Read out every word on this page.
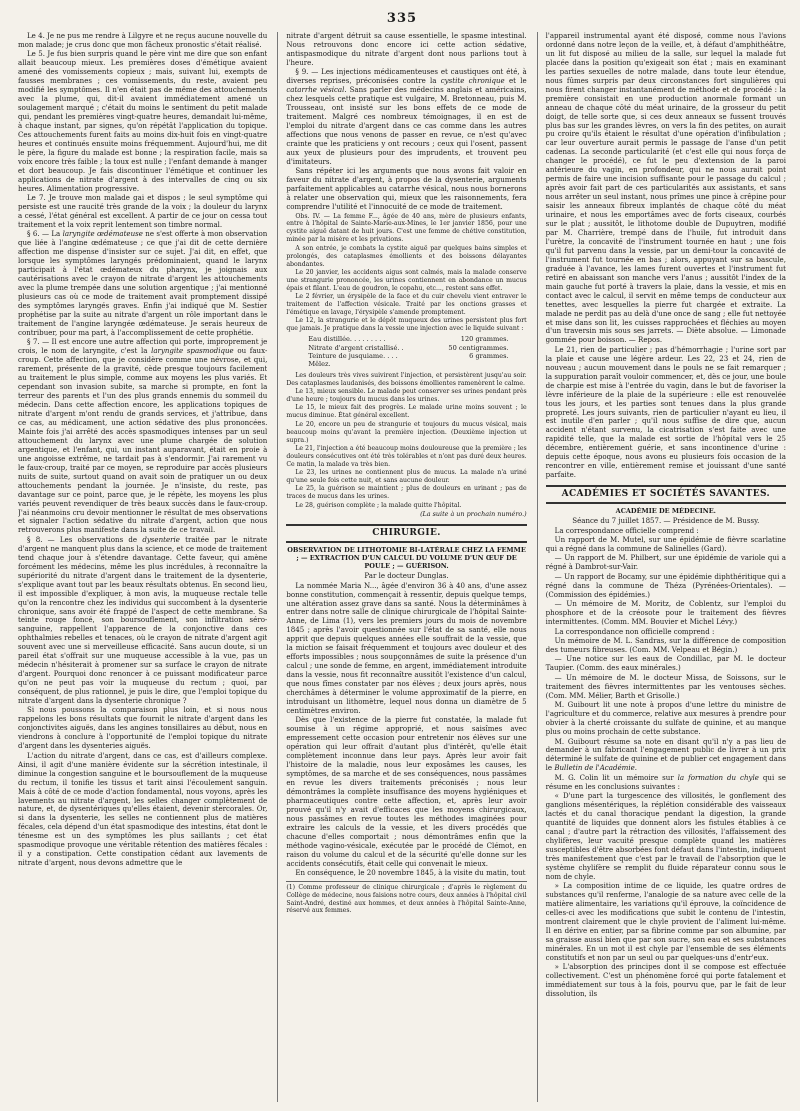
335

Le 4. Je ne pus me rendre à Lilgyre et ne reçus aucune nouvelle du mon malade; je crus donc que mon fâcheux pronostic s'était réalisé.

Le 5. Je fus bien surpris quand le père vint me dire que son enfant allait beaucoup mieux. Les premières doses d'émétique avaient amené des vomissements copieux ; mais, suivant lui, exempts de fausses membranes ; ces vomissements, du reste, avaient peu modifié les symptômes. Il n'en était pas de même des attouchements avec la plume, qui, dit-il avaient immédiatement amené un soulagement marqué ; c'était du moins le sentiment du petit malade qui, pendant les premières vingt-quatre heures, demandait lui-même, à chaque instant, par signes, qu'on répétât l'application du topique. Ces attouchements furent faits au moins dix-huit fois en vingt-quatre heures et continués ensuite moins fréquemment. Aujourd'hui, me dit le père, la figure du malade est bonne ; la respiration facile, mais sa voix encore très faible ; la toux est nulle ; l'enfant demande à manger et dort beaucoup. Je fais discontinuer l'émétique et continuer les applications de nitrate d'argent à des intervalles de cinq ou six heures. Alimentation progressive.

Le 7. Je trouve mon malade gai et dispos ; le seul symptôme qui persiste est une raucité très grande de la voix ; la douleur du larynx a cessé, l'état général est excellent. A partir de ce jour on cessa tout traitement et la voix reprit lentement son timbre normal.

§ 6. — La laryngite œdémateuse ne s'est offerte à mon observation que liée à l'angine œdémateuse ; ce que j'ai dit de cette dernière affection me dispense d'insister sur ce sujet. J'ai dit, en effet, que lorsque les symptômes laryngés prédominaient, quand le larynx participait à l'état œdémateux du pharynx, je joignais aux cautérisations avec le crayon de nitrate d'argent les attouchements avec la plume trempée dans une solution argentique ; j'ai mentionné plusieurs cas où ce mode de traitement avait promptement dissipé des symptômes laryngés graves. Enfin j'ai indiqué que M. Sestier prophétise par la suite au nitrate d'argent un rôle important dans le traitement de l'angine laryngée œdémateuse. Je serais heureux de contribuer, pour ma part, à l'accomplissement de cette prophétie.

§ 7. — Il est encore une autre affection qui porte, improprement je crois, le nom de laryngite, c'est la laryngite spasmodique ou faux-croup. Cette affection, que je considère comme une névrose, et qui, rarement, présente de la gravité, cède presque toujours facilement au traitement le plus simple, comme aux moyens les plus variés. Et cependant son invasion subite, sa marche si prompte, en font la terreur des parents et l'un des plus grands ennemis du sommeil du médecin. Dans cette affection encore, les applications topiques de nitrate d'argent m'ont rendu de grands services, et j'attribue, dans ce cas, au médicament, une action sédative des plus prononcées. Mainte fois j'ai arrêté des accès spasmodiques intenses par un seul attouchement du larynx avec une plume chargée de solution argentique, et l'enfant, qui, un instant auparavant, était en proie à une angoisse extrême, ne tardait pas à s'endormir. J'ai rarement vu le faux-croup, traité par ce moyen, se reproduire par accès plusieurs nuits de suite, surtout quand on avait soin de pratiquer un ou deux attouchements pendant la journée. Je n'insiste, du reste, pas davantage sur ce point, parce que, je le répète, les moyens les plus variés peuvent revendiquer de très beaux succès dans le faux-croup. J'ai néanmoins cru devoir mentionner le résultat de mes observations et signaler l'action sédative du nitrate d'argent, action que nous retrouverons plus manifeste dans la suite de ce travail.

§ 8. — Les observations de dysenterie traitée par le nitrate d'argent ne manquent plus dans la science, et ce mode de traitement tend chaque jour à s'étendre davantage. Cette faveur, qui amène forcément les médecins, même les plus incrédules, à reconnaître la supériorité du nitrate d'argent dans le traitement de la dysenterie, s'explique avant tout par les beaux résultats obtenus. En second lieu, il est impossible d'expliquer, à mon avis, la muqueuse rectale telle qu'on la rencontre chez les individus qui succombent à la dysenterie chronique, sans avoir été frappé de l'aspect de cette membrane. Sa teinte rouge foncé, son boursouflement, son infiltration séro-sanguine, rappellent l'apparence de la conjonctive dans ces ophthalmies rebelles et tenaces, où le crayon de nitrate d'argent agit souvent avec une si merveilleuse efficacité. Sans aucun doute, si un pareil état s'offrait sur une muqueuse accessible à la vue, pas un médecin n'hésiterait à promener sur sa surface le crayon de nitrate d'argent. Pourquoi donc renoncer à ce puissant modificateur parce qu'on ne peut pas voir la muqueuse du rectum ; quoi, par conséquent, de plus rationnel, je puis le dire, que l'emploi topique du nitrate d'argent dans la dysenterie chronique ?

Si nous poussons la comparaison plus loin, et si nous nous rappelons les bons résultats que fournit le nitrate d'argent dans les conjonctivites aiguës, dans les angines tonsillaires au début, nous en viendrons à conclure à l'opportunité de l'emploi topique du nitrate d'argent dans les dysenteries aiguës.

L'action du nitrate d'argent, dans ce cas, est d'ailleurs complexe. Ainsi, il agit d'une manière évidente sur la sécrétion intestinale, il diminue la congestion sanguine et le boursouflement de la muqueuse du rectum, il tonifie les tissus et tarit ainsi l'écoulement sanguin. Mais à côté de ce mode d'action fondamental, nous voyons, après les lavements au nitrate d'argent, les selles changer complètement de nature, et, de dysentériques qu'elles étaient, devenir stercorales. Or, si dans la dysenterie, les selles ne contiennent plus de matières fécales, cela dépend d'un état spasmodique des intestins, état dont le ténesme est un des symptômes les plus saillants ; cet état spasmodique provoque une véritable rétention des matières fécales : il y a constipation. Cette constipation cédant aux lavements de nitrate d'argent, nous devons admettre que le

nitrate d'argent détruit sa cause essentielle, le spasme intestinal. Nous retrouvons donc encore ici cette action sédative, antispasmodique du nitrate d'argent dont nous parlions tout à l'heure.

§ 9. — Les injections médicamenteuses et caustiques ont été, à diverses reprises, préconisées contre la cystite chronique et le catarrhe vésical. Sans parler des médecins anglais et américains, chez lesquels cette pratique est vulgaire, M. Bretonneau, puis M. Trousseau, ont insisté sur les bons effets de ce mode de traitement. Malgré ces nombreux témoignages, il en est de l'emploi du nitrate d'argent dans ce cas comme dans les autres affections que nous venons de passer en revue, ce n'est qu'avec crainte que les praticiens y ont recours ; ceux qui l'osent, passent aux yeux de plusieurs pour des imprudents, et trouvent peu d'imitateurs.

Sans répéter ici les arguments que nous avons fait valoir en faveur du nitrate d'argent, à propos de la dysenterie, arguments parfaitement applicables au catarrhe vésical, nous nous bornerons à relater une observation qui, mieux que les raisonnements, fera comprendre l'utilité et l'innocuité de ce mode de traitement.

Obs. IV. — La femme F..., âgée de 40 ans, mère de plusieurs enfants, entre à l'hôpital de Sainte-Marie-aux-Mines, le 1er janvier 1856, pour une cystite aiguë datant de huit jours. C'est une femme de chétive constitution, minée par la misère et les privations.

A son entrée, je combats la cystite aiguë par quelques bains simples et prolongés, des cataplasmes émollients et des boissons délayantes abondantes.

Le 20 janvier, les accidents aigus sont calmés, mais la malade conserve une strangurie prononcée, les urines contiennent en abondance un mucus épais et filant. L'eau de goudron, le copahu, etc..., restent sans effet.

Le 2 février, un érysipèle de la face et du cuir chevelu vient entraver le traitement de l'affection vésicale. Traité par les onctions grasses et l'émétique en lavage, l'érysipèle s'amende promptement.

Le 12, la strangurie et le dépôt muqueux des urines persistent plus fort que jamais. Je pratique dans la vessie une injection avec le liquide suivant :

Eau distillée. . . . . . . . .	120 grammes.
Nitrate d'argent cristallisé. .	50 centigrammes.
Teinture de jusquiame. . . .	6 grammes.
Mêlez.

Les douleurs très vives suivirent l'injection, et persistèrent jusqu'au soir. Des cataplasmes laudanisés, des boissons émollientes ramenèrent le calme.

Le 13, mieux sensible. Le malade peut conserver ses urines pendant près d'une heure ; toujours du mucus dans les urines.

Le 15, le mieux fait des progrès. Le malade urine moins souvent ; le mucus diminue. État général excellent.

Le 20, encore un peu de strangurie et toujours du mucus vésical, mais beaucoup moins qu'avant la première injection. (Deuxième injection ut supra.)

Le 21, l'injection a été beaucoup moins douloureuse que la première ; les douleurs consécutives ont été très tolérables et n'ont pas duré deux heures. Ce matin, la malade va très bien.

Le 23, les urines ne contiennent plus de mucus. La malade n'a uriné qu'une seule fois cette nuit, et sans aucune douleur.

Le 25, la guérison se maintient ; plus de douleurs en urinant ; pas de traces de mucus dans les urines.

Le 28, guérison complète ; la malade quitte l'hôpital.

(La suite à un prochain numéro.)

CHIRURGIE.
OBSERVATION DE LITHOTOMIE BI-LATÉRALE CHEZ LA FEMME ; — EXTRACTION D'UN CALCUL DU VOLUME D'UN ŒUF DE POULE ; — GUÉRISON.

Par le docteur Dunglas.

La nommée Maria N..., âgée d'environ 36 à 40 ans, d'une assez bonne constitution, commençait à ressentir, depuis quelque temps, une altération assez grave dans sa santé. Nous la déterminâmes à entrer dans notre salle de clinique chirurgicale de l'hôpital Sainte-Anne, de Lima (1), vers les premiers jours du mois de novembre 1845 ; après l'avoir questionnée sur l'état de sa santé, elle nous apprit que depuis quelques années elle souffrait de la vessie, que la miction se faisait fréquemment et toujours avec douleur et des efforts impossibles ; nous soupçonnâmes de suite la présence d'un calcul ; une sonde de femme, en argent, immédiatement introduite dans la vessie, nous fit reconnaître aussitôt l'existence d'un calcul, que nous fîmes constater par nos élèves ; deux jours après, nous cherchâmes à déterminer le volume approximatif de la pierre, en introduisant un lithomètre, lequel nous donna un diamètre de 5 centimètres environ.

Dès que l'existence de la pierre fut constatée, la malade fut soumise à un régime approprié, et nous saisîmes avec empressement cette occasion pour entretenir nos élèves sur une opération qui leur offrait d'autant plus d'intérêt, qu'elle était complètement inconnue dans leur pays. Après leur avoir fait l'histoire de la maladie, nous leur exposâmes les causes, les symptômes, de sa marche et de ses conséquences, nous passâmes en revue les divers traitements préconisés ; nous leur démontrâmes la complète insuffisance des moyens hygiéniques et pharmaceutiques contre cette affection, et, après leur avoir prouvé qu'il n'y avait d'efficaces que les moyens chirurgicaux, nous passâmes en revue toutes les méthodes imaginées pour extraire les calculs de la vessie, et les divers procédés que chacune d'elles comportait ; nous démontrâmes enfin que la méthode vagino-vésicale, exécutée par le procédé de Clémot, en raison du volume du calcul et de la sécurité qu'elle donne sur les accidents consécutifs, était celle qui convenait le mieux.

En conséquence, le 20 novembre 1845, à la visite du matin, tout

(1) Comme professeur de clinique chirurgicale ; d'après le règlement du Collège de médecine, nous faisions notre cours, deux années à l'hôpital civil Saint-André, destiné aux hommes, et deux années à l'hôpital Sainte-Anne, réservé aux femmes.

l'appareil instrumental ayant été disposé, comme nous l'avions ordonné dans notre leçon de la veille, et, à défaut d'amphithéâtre, un lit fut disposé au milieu de la salle, sur lequel la malade fut placée dans la position qu'exigeait son état ; mais en examinant les parties sexuelles de notre malade, dans toute leur étendue, nous fûmes surpris par deux circonstances fort singulières qui nous firent changer instantanément de méthode et de procédé : la première consistait en une production anormale formant un anneau de chaque côté du méat urinaire, de la grosseur du petit doigt, de telle sorte que, si ces deux anneaux se fussent trouvés plus bas sur les grandes lèvres, on vers la fin des petites, on aurait pu croire qu'ils étaient le résultat d'une opération d'infibulation ; car leur ouverture aurait permis le passage de l'anse d'un petit cadenas. La seconde particularité (et c'est elle qui nous força de changer le procédé), ce fut le peu d'extension de la paroi antérieure du vagin, en profondeur, qui ne nous aurait point permis de faire une incision suffisante pour le passage du calcul ; après avoir fait part de ces particularités aux assistants, et sans nous arrêter un seul instant, nous prîmes une pince à crêpine pour saisir les anneaux fibreux implantés de chaque côté du méat urinaire, et nous les emportâmes avec de forts ciseaux, courbés sur le plat ; aussitôt, le lithotome double de Dupuytren, modifié par M. Charrière, trempé dans de l'huile, fut introduit dans l'urètre, la concavité de l'instrument tournée en haut ; une fois qu'il fut parvenu dans la vessie, par un demi-tour la concavité de l'instrument fut tournée en bas ; alors, appuyant sur sa bascule, graduée à l'avance, les lames furent ouvertes et l'instrument fut retiré en abaissant son manche vers l'anus ; aussitôt l'index de la main gauche fut porté à travers la plaie, dans la vessie, et mis en contact avec le calcul, il servit en même temps de conducteur aux tenettes, avec lesquelles la pierre fut chargée et extraite. La malade ne perdit pas au delà d'une once de sang ; elle fut nettoyée et mise dans son lit, les cuisses rapprochées et fléchies au moyen d'un traversin mis sous ses jarrets. — Diète absolue. — Limonade gommée pour boisson. — Repos.

Le 21, rien de particulier ; pas d'hémorrhagie ; l'urine sort par la plaie et cause une légère ardeur. Les 22, 23 et 24, rien de nouveau ; aucun mouvement dans le pouls ne se fait remarquer ; la suppuration paraît vouloir commencer, et, dès ce jour, une boule de charpie est mise à l'entrée du vagin, dans le but de favoriser la lèvre inférieure de la plaie de la supérieure : elle est renouvelée tous les jours, et les parties sont tenues dans la plus grande propreté. Les jours suivants, rien de particulier n'ayant eu lieu, il est inutile d'en parler ; qu'il nous suffise de dire que, aucun accident n'étant survenu, la cicatrisation s'est faite avec une rapidité telle, que la malade est sortie de l'hôpital vers le 25 décembre, entièrement guérie, et sans incontinence d'urine : depuis cette époque, nous avons eu plusieurs fois occasion de la rencontrer en ville, entièrement remise et jouissant d'une santé parfaite.

ACADÉMIES ET SOCIÉTÉS SAVANTES.
ACADÉMIE DE MÉDECINE.

Séance du 7 juillet 1857. — Présidence de M. Bussy.

La correspondance officielle comprend :

Un rapport de M. Mutel, sur une épidémie de fièvre scarlatine qui a régné dans la commune de Salinelles (Gard).

— Un rapport de M. Philbert, sur une épidémie de variole qui a régné à Dambrot-sur-Vair.

— Un rapport de Bocamy, sur une épidémie diphthéritique qui a régné dans la commune de Théza (Pyrénées-Orientales). — (Commission des épidémies.)

— Un mémoire de M. Moritz, de Coblentz, sur l'emploi du phosphore et de la créosote pour le traitement des fièvres intermittentes. (Comm. MM. Bouvier et Michel Lévy.)

La correspondance non officielle comprend :

Un mémoire de M. L. Sandras, sur la différence de composition des tumeurs fibreuses. (Com. MM. Velpeau et Bégin.)

— Une notice sur les eaux de Condillac, par M. le docteur Taupier. (Comm. des eaux minérales.)

— Un mémoire de M. le docteur Missa, de Soissons, sur le traitement des fièvres intermittentes par les ventouses sèches. (Com. MM. Mélier, Barth et Grisolle.)

M. Guibourt lit une note à propos d'une lettre du ministre de l'agriculture et du commerce, relative aux mesures à prendre pour obvier à la cherté croissante du sulfate de quinine, et au manque plus ou moins prochain de cette substance.

M. Guibourt résume sa note en disant qu'il n'y a pas lieu de demander à un fabricant l'engagement public de livrer à un prix déterminé le sulfate de quinine et de publier cet engagement dans le Bulletin de l'Académie.

M. G. Colin lit un mémoire sur la formation du chyle qui se résume en les conclusions suivantes :

« D'une part la turgescence des villosités, le gonflement des ganglions mésentériques, la réplétion considérable des vaisseaux lactés et du canal thoracique pendant la digestion, la grande quantité de liquides que donnent alors les fistules établies à ce canal ; d'autre part la rétraction des villosités, l'affaissement des chylifères, leur vacuité presque complète quand les matières susceptibles d'être absorbées font défaut dans l'intestin, indiquent très manifestement que c'est par le travail de l'absorption que le système chylifère se remplit du fluide réparateur connu sous le nom de chyle.

» La composition intime de ce liquide, les quatre ordres de substances qu'il renferme, l'analogie de sa nature avec celle de la matière alimentaire, les variations qu'il éprouve, la coïncidence de celles-ci avec les modifications que subit le contenu de l'intestin, montrent clairement que le chyle provient de l'aliment lui-même. Il en dérive en entier, par sa fibrine comme par son albumine, par sa graisse aussi bien que par son sucre, son eau et ses substances minérales. En un mot il est chyle par l'ensemble de ses éléments constitutifs et non par un seul ou par quelques-uns d'entr'eux.

» L'absorption des principes dont il se compose est effectuée collectivement. C'est un phénomène forcé qui porte fatalement et immédiatement sur tous à la fois, pourvu que, par le fait de leur dissolution, ils
